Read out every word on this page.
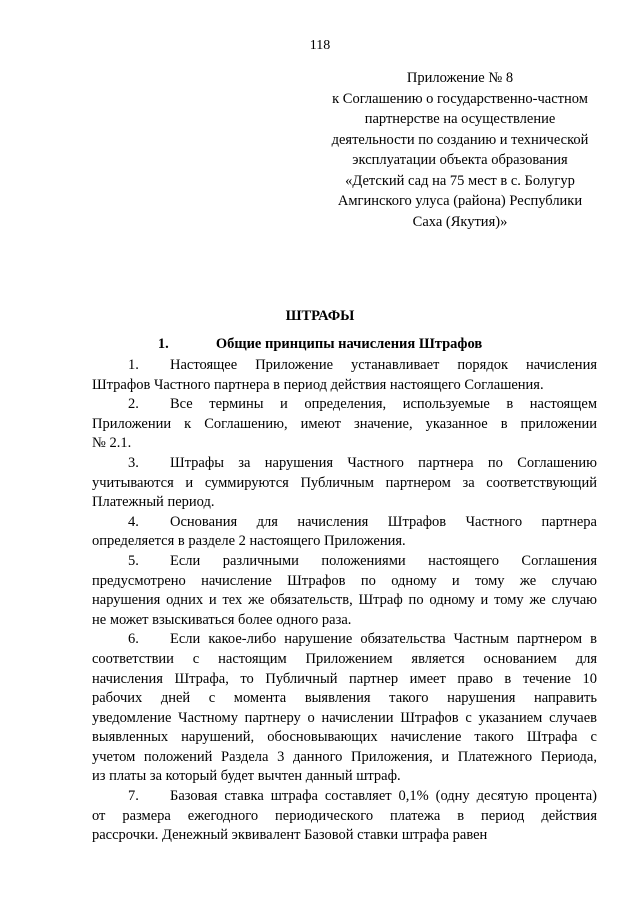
118
Приложение № 8
к Соглашению о государственно-частном
партнерстве на осуществление
деятельности по созданию и технической
эксплуатации объекта образования
«Детский сад на 75 мест в с. Болугур
Амгинского улуса (района) Республики
Саха (Якутия)»
ШТРАФЫ
1.	Общие принципы начисления Штрафов
1. Настоящее Приложение устанавливает порядок начисления
Штрафов Частного партнера в период действия настоящего Соглашения.
2. Все термины и определения, используемые в настоящем
Приложении к Соглашению, имеют значение, указанное в приложении
№ 2.1.
3. Штрафы за нарушения Частного партнера по Соглашению
учитываются и суммируются Публичным партнером за соответствующий
Платежный период.
4. Основания для начисления Штрафов Частного партнера
определяется в разделе 2 настоящего Приложения.
5. Если различными положениями настоящего Соглашения
предусмотрено начисление Штрафов по одному и тому же случаю
нарушения одних и тех же обязательств, Штраф по одному и тому же случаю
не может взыскиваться более одного раза.
6. Если какое-либо нарушение обязательства Частным партнером в
соответствии с настоящим Приложением является основанием для
начисления Штрафа, то Публичный партнер имеет право в течение 10
рабочих дней с момента выявления такого нарушения направить
уведомление Частному партнеру о начислении Штрафов с указанием случаев
выявленных нарушений, обосновывающих начисление такого Штрафа с
учетом положений Раздела 3 данного Приложения, и Платежного Периода,
из платы за который будет вычтен данный штраф.
7. Базовая ставка штрафа составляет 0,1% (одну десятую процента)
от размера ежегодного периодического платежа в период действия
рассрочки. Денежный эквивалент Базовой ставки штрафа равен
